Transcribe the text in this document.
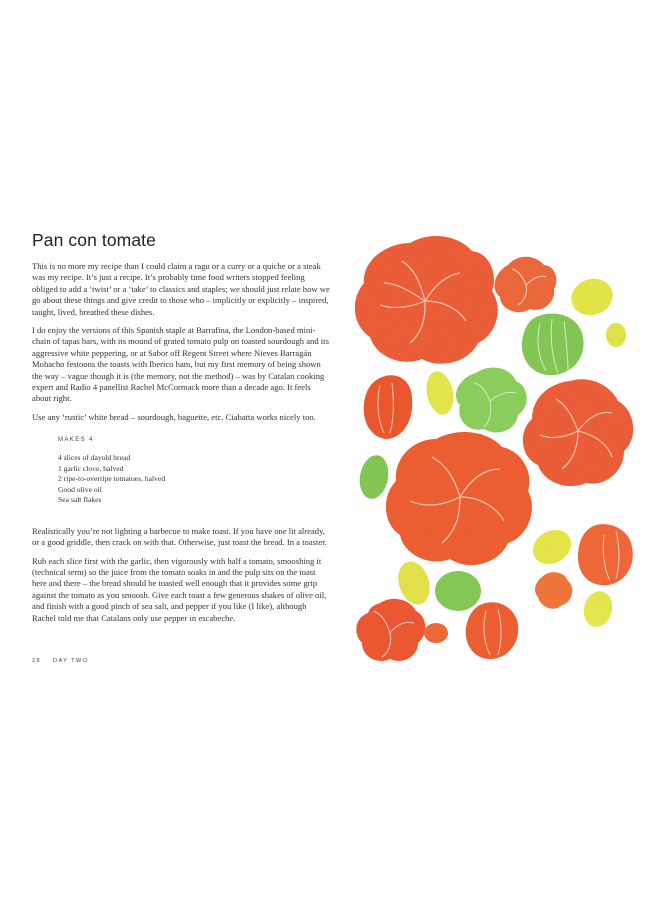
Pan con tomate

This is no more my recipe than I could claim a ragu or a curry or a quiche or a steak was my recipe. It’s just a recipe. It’s probably time food writers stopped feeling obliged to add a ‘twist’ or a ‘take’ to classics and staples; we should just relate how we go about these things and give credit to those who – implicitly or explicitly – inspired, taught, lived, breathed these dishes.

I do enjoy the versions of this Spanish staple at Barrafina, the London-based mini-chain of tapas bars, with its mound of grated tomato pulp on toasted sourdough and its aggressive white peppering, or at Sabor off Regent Street where Nieves Barragán Mohacho festoons the toasts with Iberico ham, but my first memory of being shown the way – vague though it is (the memory, not the method) – was by Catalan cooking expert and Radio 4 panellist Rachel McCormack more than a decade ago. It feels about right.

Use any ‘rustic’ white bread – sourdough, baguette, etc. Ciabatta works nicely too.

MAKES 4
4 slices of dayold bread
1 garlic clove, halved
2 ripe-to-overripe tomatoes, halved
Good olive oil
Sea salt flakes

Realistically you’re not lighting a barbecue to make toast. If you have one lit already, or a good griddle, then crack on with that. Otherwise, just toast the bread. In a toaster.

Rub each slice first with the garlic, then vigorously with half a tomato, smooshing it (technical term) so the juice from the tomato soaks in and the pulp sits on the toast here and there – the bread should be toasted well enough that it provides some grip against the tomato as you smoosh. Give each toast a few generous shakes of olive oil, and finish with a good pinch of sea salt, and pepper if you like (I like), although Rachel told me that Catalans only use pepper in escabeche.

28 DAY TWO
